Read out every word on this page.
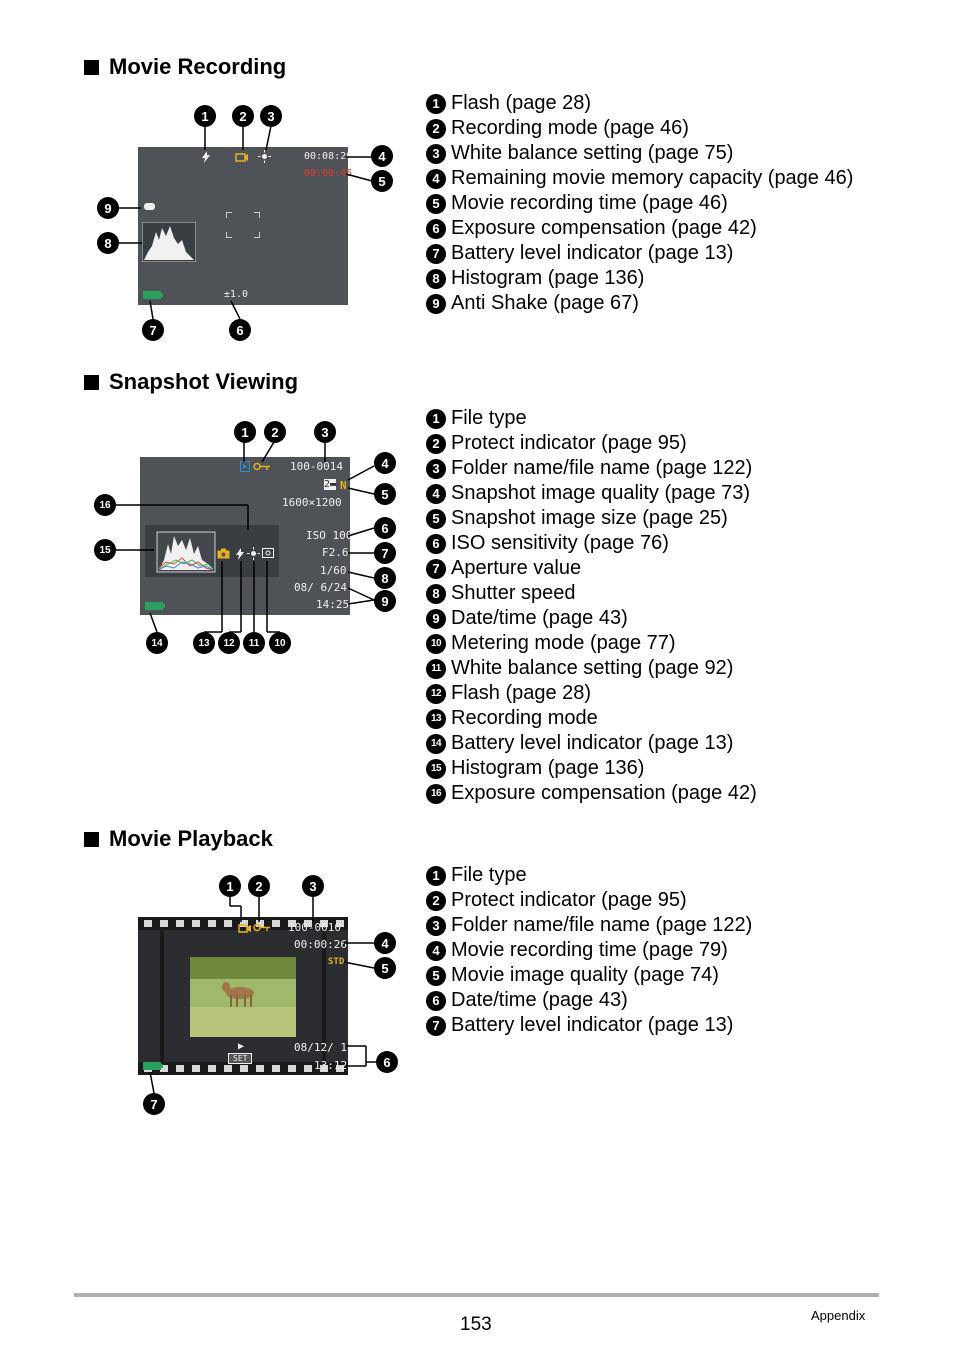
Movie Recording
Snapshot Viewing
Movie Playback
1 Flash (page 28)
2 Recording mode (page 46)
3 White balance setting (page 75)
4 Remaining movie memory capacity (page 46)
5 Movie recording time (page 46)
6 Exposure compensation (page 42)
7 Battery level indicator (page 13)
8 Histogram (page 136)
9 Anti Shake (page 67)
1 File type
2 Protect indicator (page 95)
3 Folder name/file name (page 122)
4 Snapshot image quality (page 73)
5 Snapshot image size (page 25)
6 ISO sensitivity (page 76)
7 Aperture value
8 Shutter speed
9 Date/time (page 43)
10 Metering mode (page 77)
11 White balance setting (page 92)
12 Flash (page 28)
13 Recording mode
14 Battery level indicator (page 13)
15 Histogram (page 136)
16 Exposure compensation (page 42)
1 File type
2 Protect indicator (page 95)
3 Folder name/file name (page 122)
4 Movie recording time (page 79)
5 Movie image quality (page 74)
6 Date/time (page 43)
7 Battery level indicator (page 13)
00:08:20
00:00:45
±1.0
100-0014
2▬ N
1600×1200
ISO 100
F2.6
1/60
08/ 6/24
14:25
100-0010
00:00:26
STD
▶
SET
08/12/ 1
13:12
1	2	3
4
5
9
8
7	6
1	2	3
4
5
16
6
15	7
8
9
14	13	12	11	10
1	2	3
4
5
6
7
153	Appendix
